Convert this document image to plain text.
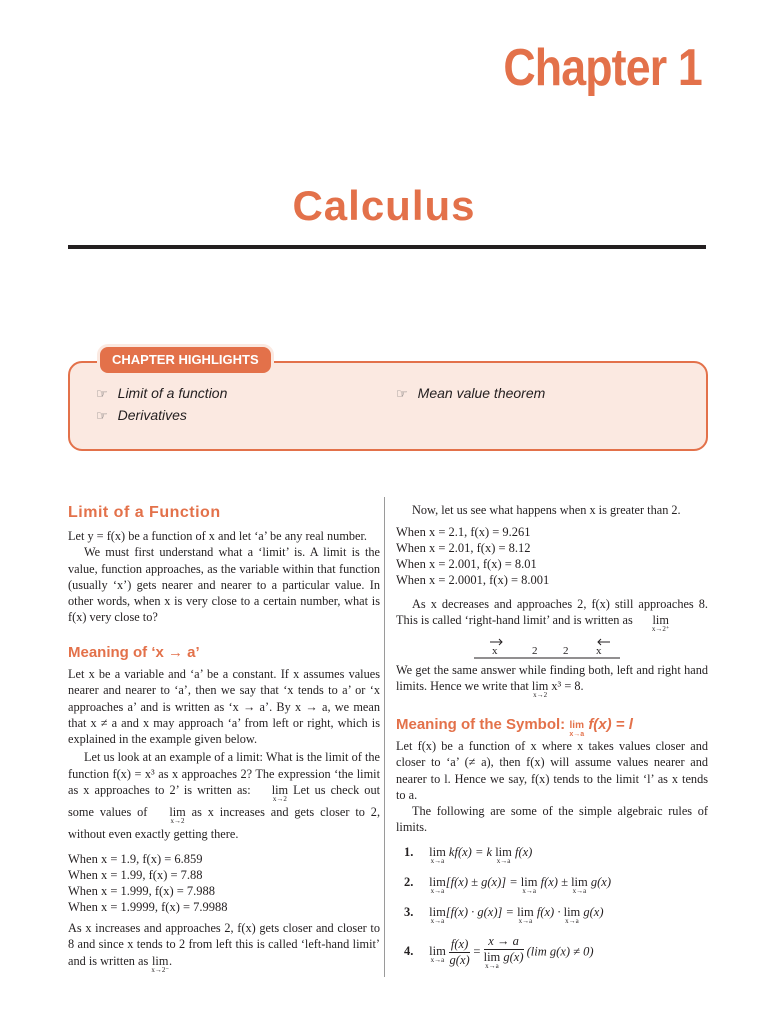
Chapter 1
Calculus
CHAPTER HIGHLIGHTS
☞ Limit of a function
☞ Derivatives
☞ Mean value theorem
Limit of a Function
Let y = f(x) be a function of x and let ‘a’ be any real number.
We must first understand what a ‘limit’ is. A limit is the value, function approaches, as the variable within that function (usually ‘x’) gets nearer and nearer to a particular value. In other words, when x is very close to a certain number, what is f(x) very close to?
Meaning of ‘x → a’
Let x be a variable and ‘a’ be a constant. If x assumes values nearer and nearer to ‘a’, then we say that ‘x tends to a’ or ‘x approaches a’ and is written as ‘x → a’. By x → a, we mean that x ≠ a and x may approach ‘a’ from left or right, which is explained in the example given below.
Let us look at an example of a limit: What is the limit of the function f(x) = x³ as x approaches 2? The expression ‘the limit as x approaches to 2’ is written as: lim
x→2
Let us check out some values of lim
x→2
as x increases and gets closer to 2, without even exactly getting there.
When x = 1.9, f(x) = 6.859
When x = 1.99, f(x) = 7.88
When x = 1.999, f(x) = 7.988
When x = 1.9999, f(x) = 7.9988
As x increases and approaches 2, f(x) gets closer and closer to 8 and since x tends to 2 from left this is called ‘left-hand limit’ and is written as lim
x→2⁻
.
Now, let us see what happens when x is greater than 2.
When x = 2.1, f(x) = 9.261
When x = 2.01, f(x) = 8.12
When x = 2.001, f(x) = 8.01
When x = 2.0001, f(x) = 8.001
As x decreases and approaches 2, f(x) still approaches 8. This is called ‘right-hand limit’ and is written as lim
x→2⁺
x	2 2	x
We get the same answer while finding both, left and right hand limits. Hence we write that lim
x→2
x³ = 8.
Meaning of the Symbol: lim
x→a
f(x) = l
Let f(x) be a function of x where x takes values closer and closer to ‘a’ (≠ a), then f(x) will assume values nearer and nearer to l. Hence we say, f(x) tends to the limit ‘l’ as x tends to a.
The following are some of the simple algebraic rules of limits.
1. lim
x→a
kf(x) = k lim
x→a
f(x)
2. lim
x→a
[f(x) ± g(x)] = lim
x→a
f(x) ± lim
x→a
g(x)
3. lim
x→a
[f(x) · g(x)] = lim
x→a
f(x) · lim
x→a
g(x)
4. lim
x→a
$\frac{f(x)}{g(x)} = x \to a$
lim
x→a
g(x) (lim g(x) ≠ 0)
